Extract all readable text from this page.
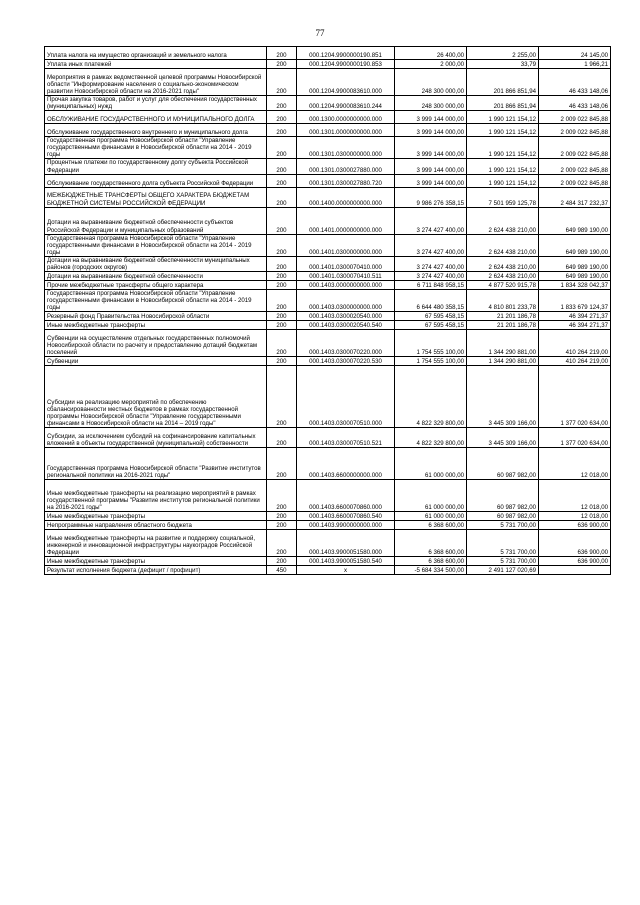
77
Уплата налога на имущество организаций и земельного налога	200	000.1204.9900000190.851	26 400,00	2 255,00	24 145,00
Уплата иных платежей	200	000.1204.9900000190.853	2 000,00	33,79	1 966,21
Мероприятия в рамках ведомственной целевой программы Новосибирской области "Информирование населения о социально-экономическом развитии Новосибирской области на 2016-2021 годы"	200	000.1204.9900083610.000	248 300 000,00	201 866 851,94	46 433 148,06
Прочая закупка товаров, работ и услуг для обеспечения государственных (муниципальных) нужд	200	000.1204.9900083610.244	248 300 000,00	201 866 851,94	46 433 148,06
ОБСЛУЖИВАНИЕ ГОСУДАРСТВЕННОГО И МУНИЦИПАЛЬНОГО ДОЛГА	200	000.1300.0000000000.000	3 999 144 000,00	1 990 121 154,12	2 009 022 845,88
Обслуживание государственного внутреннего и муниципального долга	200	000.1301.0000000000.000	3 999 144 000,00	1 990 121 154,12	2 009 022 845,88
Государственная программа Новосибирской области "Управление государственными финансами в Новосибирской области на 2014 - 2019 годы	200	000.1301.0300000000.000	3 999 144 000,00	1 990 121 154,12	2 009 022 845,88
Процентные платежи по государственному долгу субъекта Российской Федерации	200	000.1301.0300027880.000	3 999 144 000,00	1 990 121 154,12	2 009 022 845,88
Обслуживание государственного долга субъекта Российской Федерации	200	000.1301.0300027880.720	3 999 144 000,00	1 990 121 154,12	2 009 022 845,88
МЕЖБЮДЖЕТНЫЕ ТРАНСФЕРТЫ ОБЩЕГО ХАРАКТЕРА БЮДЖЕТАМ БЮДЖЕТНОЙ СИСТЕМЫ РОССИЙСКОЙ ФЕДЕРАЦИИ	200	000.1400.0000000000.000	9 986 276 358,15	7 501 959 125,78	2 484 317 232,37
Дотации на выравнивание бюджетной обеспеченности субъектов Российской Федерации и муниципальных образований	200	000.1401.0000000000.000	3 274 427 400,00	2 624 438 210,00	649 989 190,00
Государственная программа Новосибирской области "Управление государственными финансами в Новосибирской области на 2014 - 2019 годы	200	000.1401.0300000000.000	3 274 427 400,00	2 624 438 210,00	649 989 190,00
Дотации на выравнивание бюджетной обеспеченности муниципальных районов (городских округов)	200	000.1401.0300070410.000	3 274 427 400,00	2 624 438 210,00	649 989 190,00
Дотации на выравнивание бюджетной обеспеченности	200	000.1401.0300070410.511	3 274 427 400,00	2 624 438 210,00	649 989 190,00
Прочие межбюджетные трансферты общего характера	200	000.1403.0000000000.000	6 711 848 958,15	4 877 520 915,78	1 834 328 042,37
Государственная программа Новосибирской области "Управление государственными финансами в Новосибирской области на 2014 - 2019 годы	200	000.1403.0300000000.000	6 644 480 358,15	4 810 801 233,78	1 833 679 124,37
Резервный фонд Правительства Новосибирской области	200	000.1403.0300020540.000	67 595 458,15	21 201 186,78	46 394 271,37
Иные межбюджетные трансферты	200	000.1403.0300020540.540	67 595 458,15	21 201 186,78	46 394 271,37
Субвенции на осуществление отдельных государственных полномочий Новосибирской области по расчету и предоставлению дотаций бюджетам поселений	200	000.1403.0300070220.000	1 754 555 100,00	1 344 290 881,00	410 264 219,00
Субвенции	200	000.1403.0300070220.530	1 754 555 100,00	1 344 290 881,00	410 264 219,00
Субсидии на реализацию мероприятий по обеспечению сбалансированности местных бюджетов в рамках государственной программы Новосибирской области "Управление государственными финансами в Новосибирской области на 2014 – 2019 годы"	200	000.1403.0300070510.000	4 822 329 800,00	3 445 309 166,00	1 377 020 634,00
Субсидии, за исключением субсидий на софинансирование капитальных вложений в объекты государственной (муниципальной) собственности	200	000.1403.0300070510.521	4 822 329 800,00	3 445 309 166,00	1 377 020 634,00
Государственная программа Новосибирской области "Развитие институтов региональной политики на 2016-2021 годы"	200	000.1403.6600000000.000	61 000 000,00	60 987 982,00	12 018,00
Иные межбюджетные трансферты на реализацию мероприятий в рамках государственной программы "Развитие институтов региональной политики на 2016-2021 годы"	200	000.1403.6600070860.000	61 000 000,00	60 987 982,00	12 018,00
Иные межбюджетные трансферты	200	000.1403.6600070860.540	61 000 000,00	60 987 982,00	12 018,00
Непрограммные направления областного бюджета	200	000.1403.9900000000.000	6 368 600,00	5 731 700,00	636 900,00
Иные межбюджетные трансферты на развитие и поддержку социальной, инженерной и инновационной инфраструктуры наукоградов Российской Федерации	200	000.1403.9900051580.000	6 368 600,00	5 731 700,00	636 900,00
Иные межбюджетные трансферты	200	000.1403.9900051580.540	6 368 600,00	5 731 700,00	636 900,00
Результат исполнения бюджета (дефицит / профицит)	450	x	-5 684 334 500,00	2 491 127 020,69	
